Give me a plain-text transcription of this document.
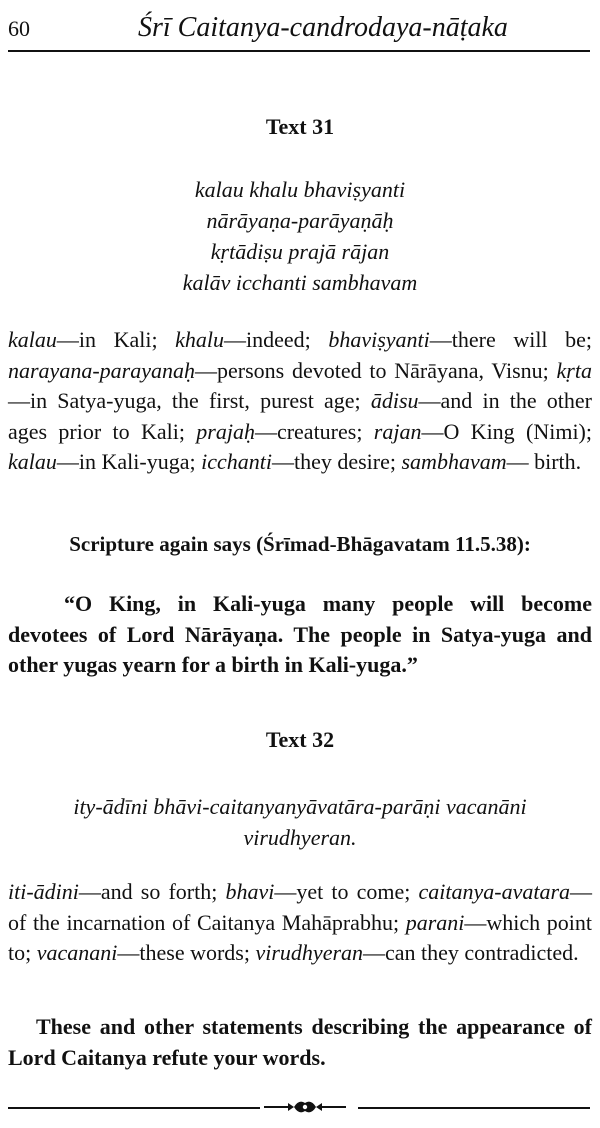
60	Śrī Caitanya-candrodaya-nāṭaka
Text 31
kalau khalu bhaviṣyanti
nārāyaṇa-parāyaṇāḥ
kṛtādiṣu prajā rājan
kalāv icchanti sambhavam
kalau—in Kali; khalu—indeed; bhaviṣyanti—there will be; narayana-parayanaḥ—persons devoted to Nārāyana, Visnu; kṛta—in Satya-yuga, the first, purest age; ādisu—and in the other ages prior to Kali; prajaḥ—creatures; rajan—O King (Nimi); kalau—in Kali-yuga; icchanti—they desire; sambhavam— birth.
Scripture again says (Śrīmad-Bhāgavatam 11.5.38):
“O King, in Kali-yuga many people will become devotees of Lord Nārāyaṇa. The people in Satya-yuga and other yugas yearn for a birth in Kali-yuga.”
Text 32
ity-ādīni bhāvi-caitanyanyāvatāra-parāṇi vacanāni
virudhyeran.
iti-ādini—and so forth; bhavi—yet to come; caitanya-avatara—of the incarnation of Caitanya Mahāprabhu; parani—which point to; vacanani—these words; virudhyeran—can they contradicted.
These and other statements describing the appearance of Lord Caitanya refute your words.
